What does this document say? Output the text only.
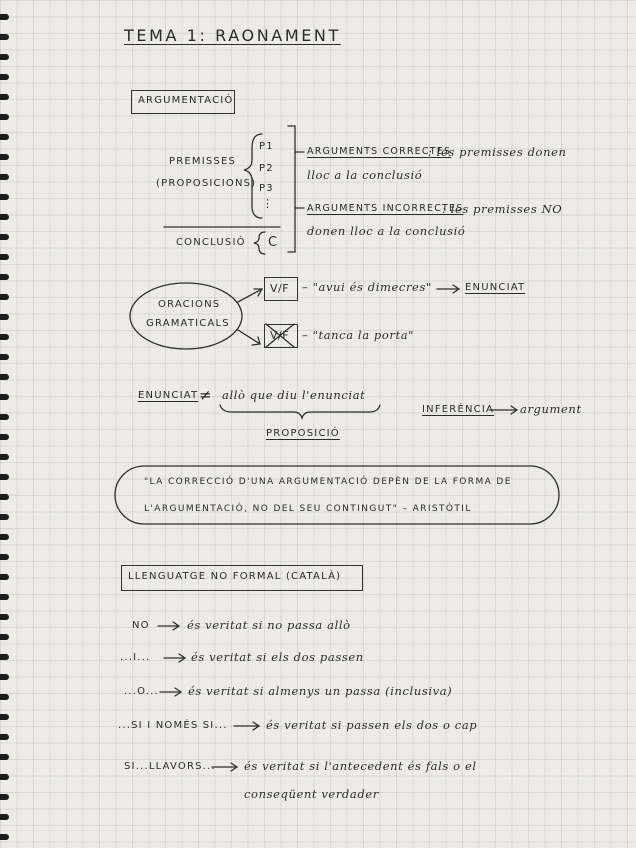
TEMA 1: RAONAMENT
ARGUMENTACIÓ
PREMISSES
(PROPOSICIONS)
P1
P2
P3
⋮
CONCLUSIÓ C
ARGUMENTS CORRECTES
: les premisses donen
lloc a la conclusió
ARGUMENTS INCORRECTES
: les premisses NO
donen lloc a la conclusió
ORACIONS
GRAMATICALS
V/F – "avui és dimecres"	ENUNCIAT
V/F – "tanca la porta"
ENUNCIAT ≠ allò que diu l'enunciat
PROPOSICIÓ
INFERÈNCIA argument
"LA CORRECCIÓ D'UNA ARGUMENTACIÓ DEPÈN DE LA FORMA DE
L'ARGUMENTACIÓ, NO DEL SEU CONTINGUT" – ARISTÒTIL
LLENGUATGE NO FORMAL (CATALÀ)
NO	és veritat si no passa allò
...I...	és veritat si els dos passen
...O...	és veritat si almenys un passa (inclusiva)
...SI I NOMÉS SI...	és veritat si passen els dos o cap
SI...LLAVORS... és veritat si l'antecedent és fals o el
conseqüent verdader
